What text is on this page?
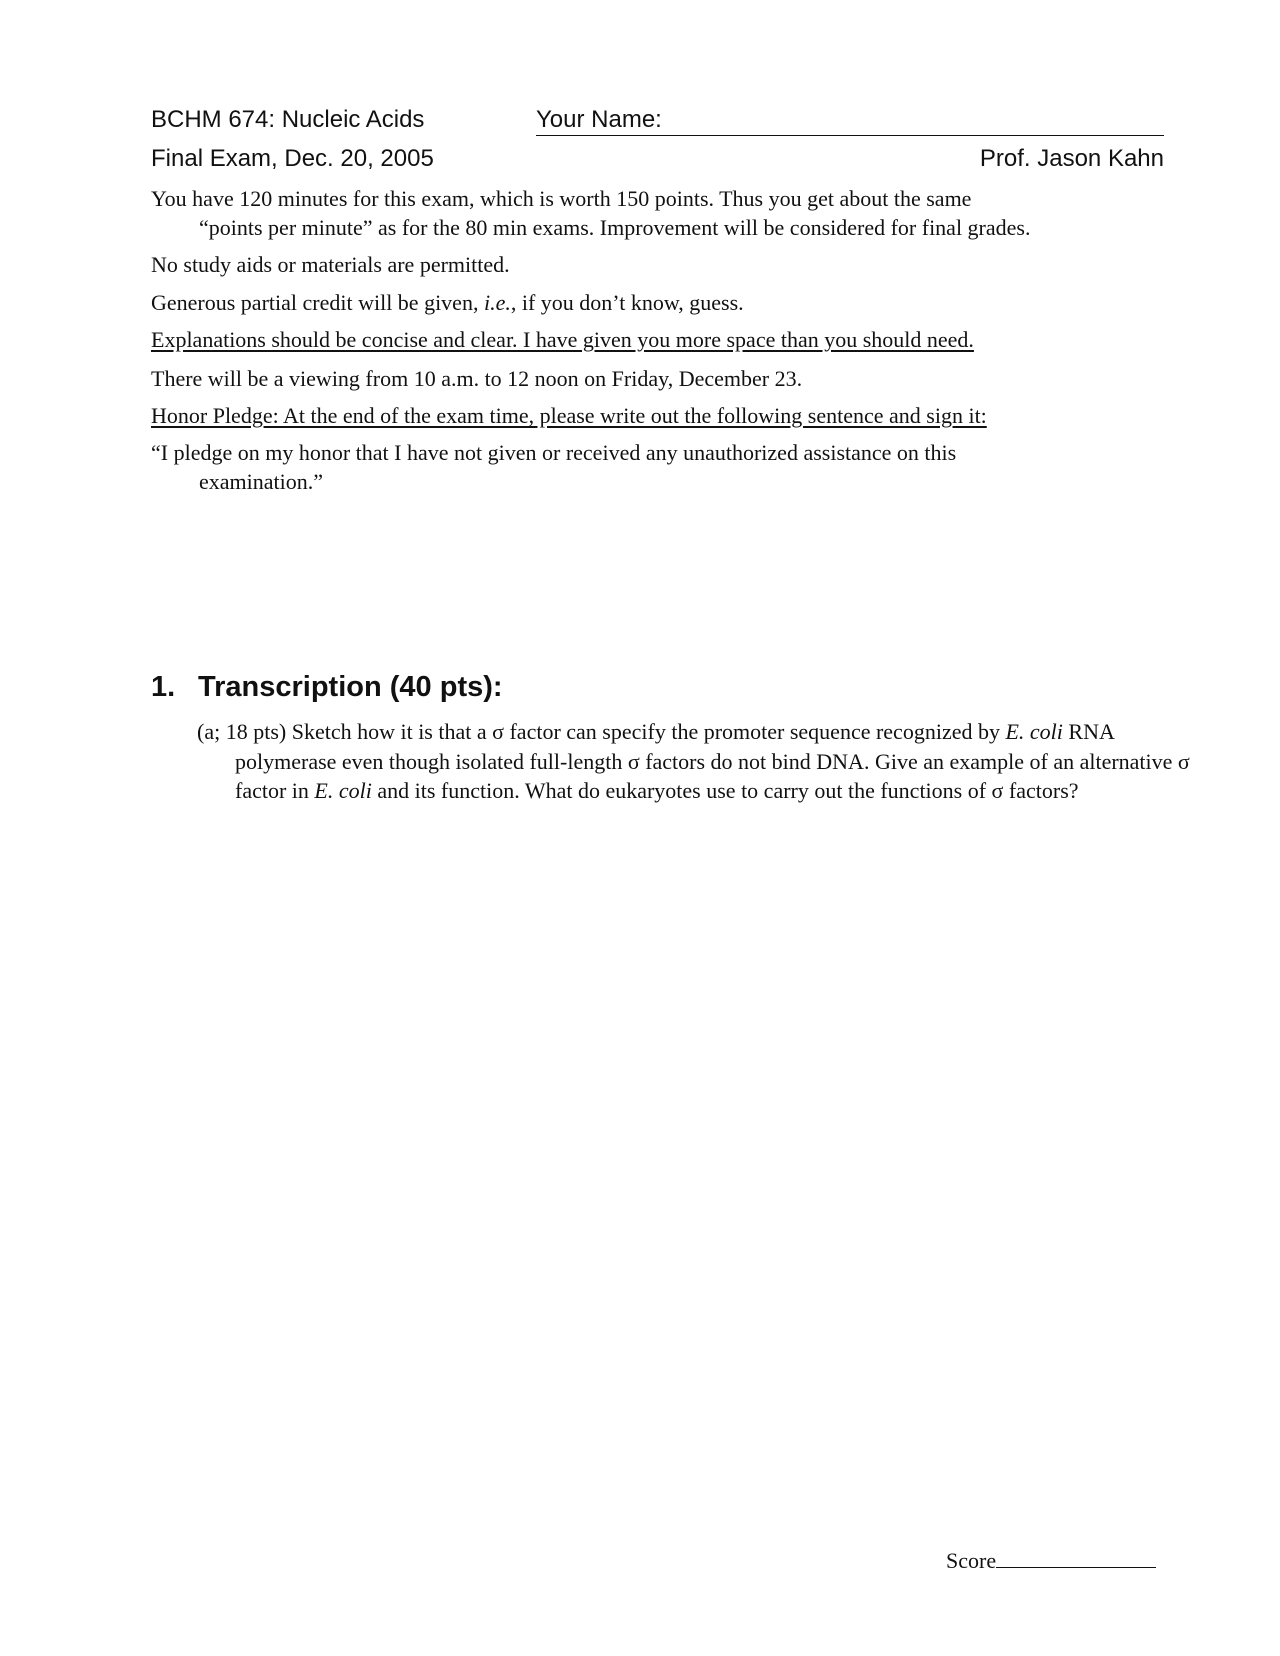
BCHM 674: Nucleic Acids	Your Name:
Final Exam, Dec. 20, 2005	Prof. Jason Kahn
You have 120 minutes for this exam, which is worth 150 points. Thus you get about the same
“points per minute” as for the 80 min exams. Improvement will be considered for final grades.
No study aids or materials are permitted.
Generous partial credit will be given, i.e., if you don’t know, guess.
Explanations should be concise and clear. I have given you more space than you should need.
There will be a viewing from 10 a.m. to 12 noon on Friday, December 23.
Honor Pledge: At the end of the exam time, please write out the following sentence and sign it:
“I pledge on my honor that I have not given or received any unauthorized assistance on this
examination.”
1. Transcription (40 pts):
(a; 18 pts) Sketch how it is that a σ factor can specify the promoter sequence recognized by E. coli RNA polymerase even though isolated full-length σ factors do not bind DNA. Give an example of an alternative σ factor in E. coli and its function. What do eukaryotes use to carry out the functions of σ factors?
Score
